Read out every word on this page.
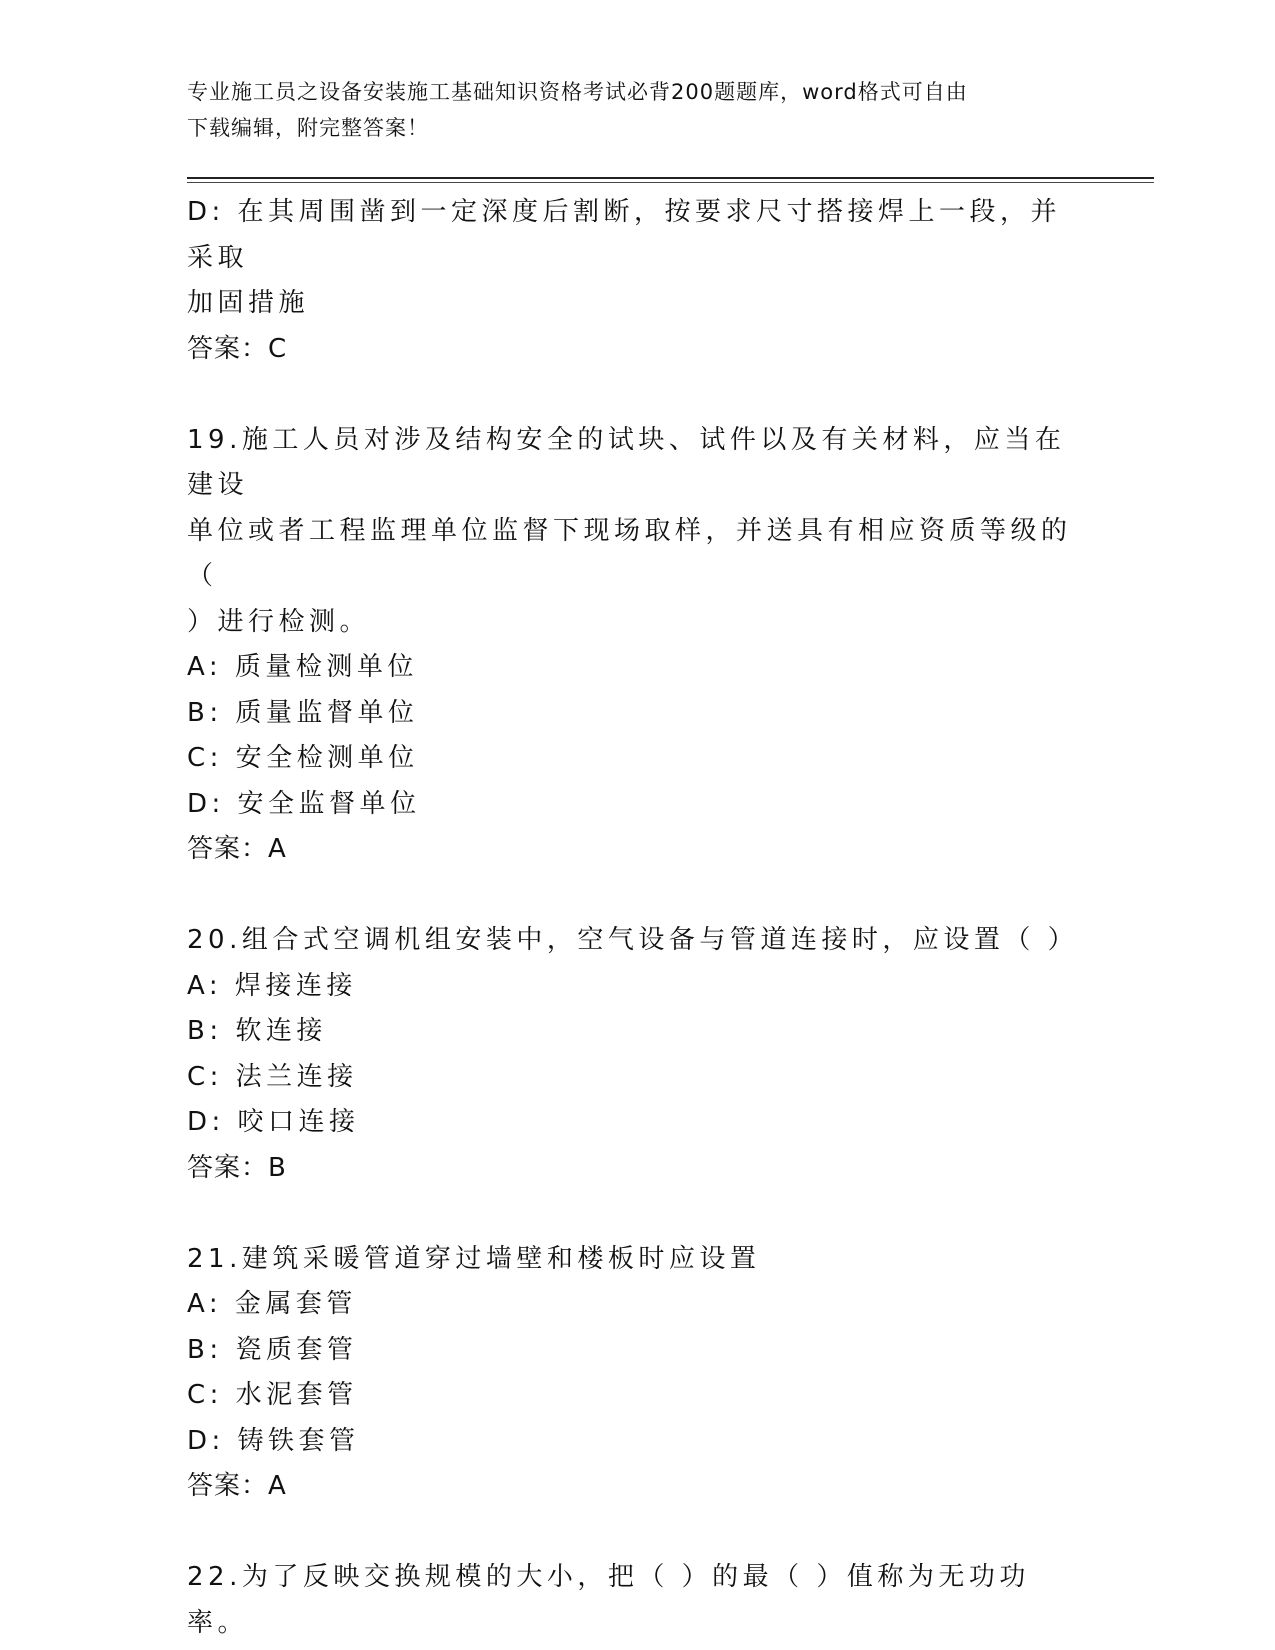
专业施工员之设备安装施工基础知识资格考试必背200题题库，word格式可自由
下载编辑，附完整答案！
D: 在其周围凿到一定深度后割断，按要求尺寸搭接焊上一段，并采取
加固措施
答案：C
19.施工人员对涉及结构安全的试块、试件以及有关材料，应当在建设
单位或者工程监理单位监督下现场取样，并送具有相应资质等级的（
）进行检测。
A: 质量检测单位
B: 质量监督单位
C: 安全检测单位
D: 安全监督单位
答案：A
20.组合式空调机组安装中，空气设备与管道连接时，应设置（ ）
A: 焊接连接
B: 软连接
C: 法兰连接
D: 咬口连接
答案：B
21.建筑采暖管道穿过墙壁和楼板时应设置
A: 金属套管
B: 瓷质套管
C: 水泥套管
D: 铸铁套管
答案：A
22.为了反映交换规模的大小，把（ ）的最（ ）值称为无功功率。
